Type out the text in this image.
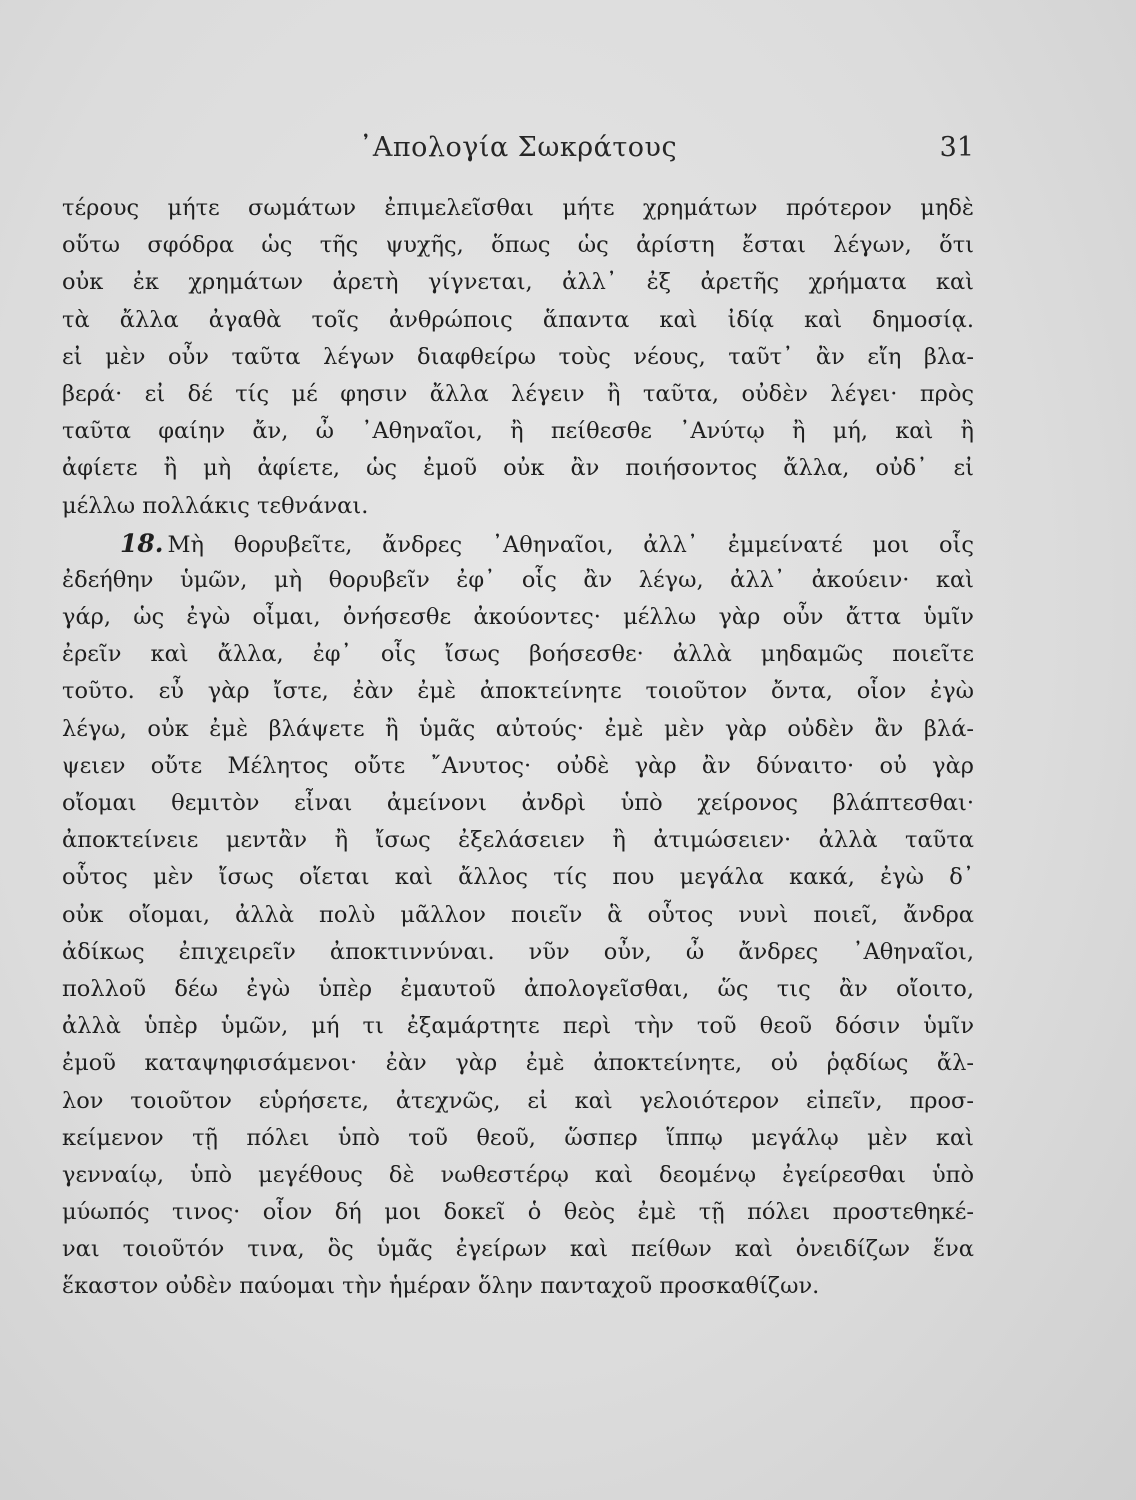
᾿Απολογία Σωκράτους	31
τέρους μήτε σωμάτων ἐπιμελεῖσθαι μήτε χρημάτων πρότερον μηδὲ
οὕτω σφόδρα ὡς τῆς ψυχῆς, ὅπως ὡς ἀρίστη ἔσται λέγων, ὅτι
οὐκ ἐκ χρημάτων ἀρετὴ γίγνεται, ἀλλ᾽ ἐξ ἀρετῆς χρήματα καὶ
τὰ ἄλλα ἀγαθὰ τοῖς ἀνθρώποις ἅπαντα καὶ ἰδίᾳ καὶ δημοσίᾳ.
εἰ μὲν οὖν ταῦτα λέγων διαφθείρω τοὺς νέους, ταῦτ᾽ ἂν εἴη βλα-
βερά· εἰ δέ τίς μέ φησιν ἄλλα λέγειν ἢ ταῦτα, οὐδὲν λέγει· πρὸς
ταῦτα φαίην ἄν, ὦ ᾽Αθηναῖοι, ἢ πείθεσθε ᾽Ανύτῳ ἢ μή, καὶ ἢ
ἀφίετε ἢ μὴ ἀφίετε, ὡς ἐμοῦ οὐκ ἂν ποιήσοντος ἄλλα, οὐδ᾽ εἰ
μέλλω πολλάκις τεθνάναι.
18. Μὴ θορυβεῖτε, ἄνδρες ᾽Αθηναῖοι, ἀλλ᾽ ἐμμείνατέ μοι οἷς
ἐδεήθην ὑμῶν, μὴ θορυβεῖν ἐφ᾽ οἷς ἂν λέγω, ἀλλ᾽ ἀκούειν· καὶ
γάρ, ὡς ἐγὼ οἶμαι, ὀνήσεσθε ἀκούοντες· μέλλω γὰρ οὖν ἄττα ὑμῖν
ἐρεῖν καὶ ἄλλα, ἐφ᾽ οἷς ἴσως βοήσεσθε· ἀλλὰ μηδαμῶς ποιεῖτε
τοῦτο. εὖ γὰρ ἴστε, ἐὰν ἐμὲ ἀποκτείνητε τοιοῦτον ὄντα, οἷον ἐγὼ
λέγω, οὐκ ἐμὲ βλάψετε ἢ ὑμᾶς αὐτούς· ἐμὲ μὲν γὰρ οὐδὲν ἂν βλά-
ψειεν οὔτε Μέλητος οὔτε ῎Ανυτος· οὐδὲ γὰρ ἂν δύναιτο· οὐ γὰρ
οἴομαι θεμιτὸν εἶναι ἀμείνονι ἀνδρὶ ὑπὸ χείρονος βλάπτεσθαι·
ἀποκτείνειε μεντἂν ἢ ἴσως ἐξελάσειεν ἢ ἀτιμώσειεν· ἀλλὰ ταῦτα
οὗτος μὲν ἴσως οἴεται καὶ ἄλλος τίς που μεγάλα κακά, ἐγὼ δ᾽
οὐκ οἴομαι, ἀλλὰ πολὺ μᾶλλον ποιεῖν ἃ οὗτος νυνὶ ποιεῖ, ἄνδρα
ἀδίκως ἐπιχειρεῖν ἀποκτιννύναι. νῦν οὖν, ὦ ἄνδρες ᾽Αθηναῖοι,
πολλοῦ δέω ἐγὼ ὑπὲρ ἐμαυτοῦ ἀπολογεῖσθαι, ὥς τις ἂν οἴοιτο,
ἀλλὰ ὑπὲρ ὑμῶν, μή τι ἐξαμάρτητε περὶ τὴν τοῦ θεοῦ δόσιν ὑμῖν
ἐμοῦ καταψηφισάμενοι· ἐὰν γὰρ ἐμὲ ἀποκτείνητε, οὐ ῥᾳδίως ἄλ-
λον τοιοῦτον εὑρήσετε, ἀτεχνῶς, εἰ καὶ γελοιότερον εἰπεῖν, προσ-
κείμενον τῇ πόλει ὑπὸ τοῦ θεοῦ, ὥσπερ ἵππῳ μεγάλῳ μὲν καὶ
γενναίῳ, ὑπὸ μεγέθους δὲ νωθεστέρῳ καὶ δεομένῳ ἐγείρεσθαι ὑπὸ
μύωπός τινος· οἷον δή μοι δοκεῖ ὁ θεὸς ἐμὲ τῇ πόλει προστεθηκέ-
ναι τοιοῦτόν τινα, ὃς ὑμᾶς ἐγείρων καὶ πείθων καὶ ὀνειδίζων ἕνα
ἕκαστον οὐδὲν παύομαι τὴν ἡμέραν ὅλην πανταχοῦ προσκαθίζων.
